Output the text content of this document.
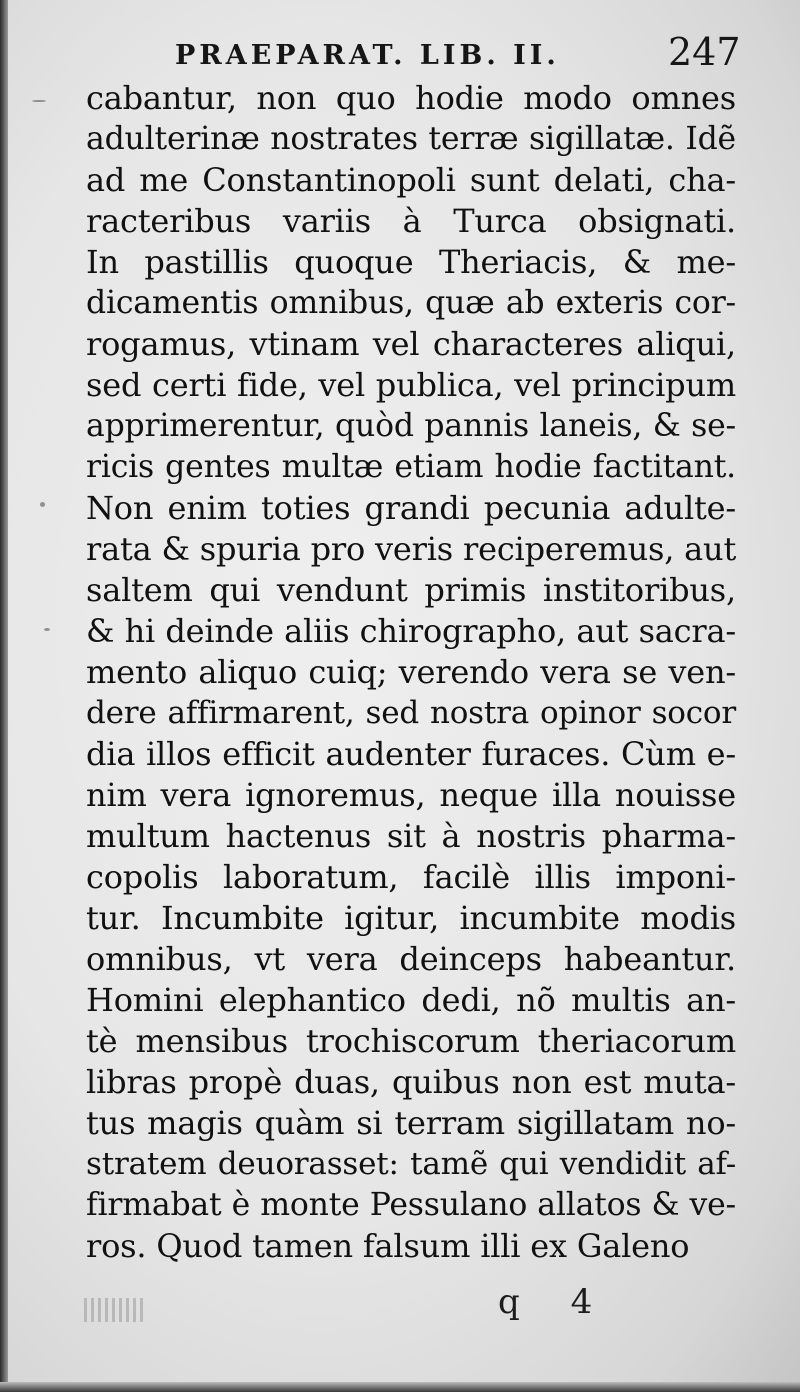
PRAEPARAT. LIB. II.	247
cabantur, non quo hodie modo omnes
adulterinæ nostrates terræ sigillatæ. Idẽ
ad me Constantinopoli sunt delati, cha-
racteribus variis à Turca obsignati.
In pastillis quoque Theriacis, & me-
dicamentis omnibus, quæ ab exteris cor-
rogamus, vtinam vel characteres aliqui,
sed certi fide, vel publica, vel principum
apprimerentur, quòd pannis laneis, & se-
ricis gentes multæ etiam hodie factitant.
Non enim toties grandi pecunia adulte-
rata & spuria pro veris reciperemus, aut
saltem qui vendunt primis institoribus,
& hi deinde aliis chirographo, aut sacra-
mento aliquo cuiq; verendo vera se ven-
dere affirmarent, sed nostra opinor socor
dia illos efficit audenter furaces. Cùm e-
nim vera ignoremus, neque illa nouisse
multum hactenus sit à nostris pharma-
copolis laboratum, facilè illis imponi-
tur. Incumbite igitur, incumbite modis
omnibus, vt vera deinceps habeantur.
Homini elephantico dedi, nõ multis an-
tè mensibus trochiscorum theriacorum
libras propè duas, quibus non est muta-
tus magis quàm si terram sigillatam no-
stratem deuorasset: tamẽ qui vendidit af-
firmabat è monte Pessulano allatos & ve-
ros. Quod tamen falsum illi ex Galeno
q 4
